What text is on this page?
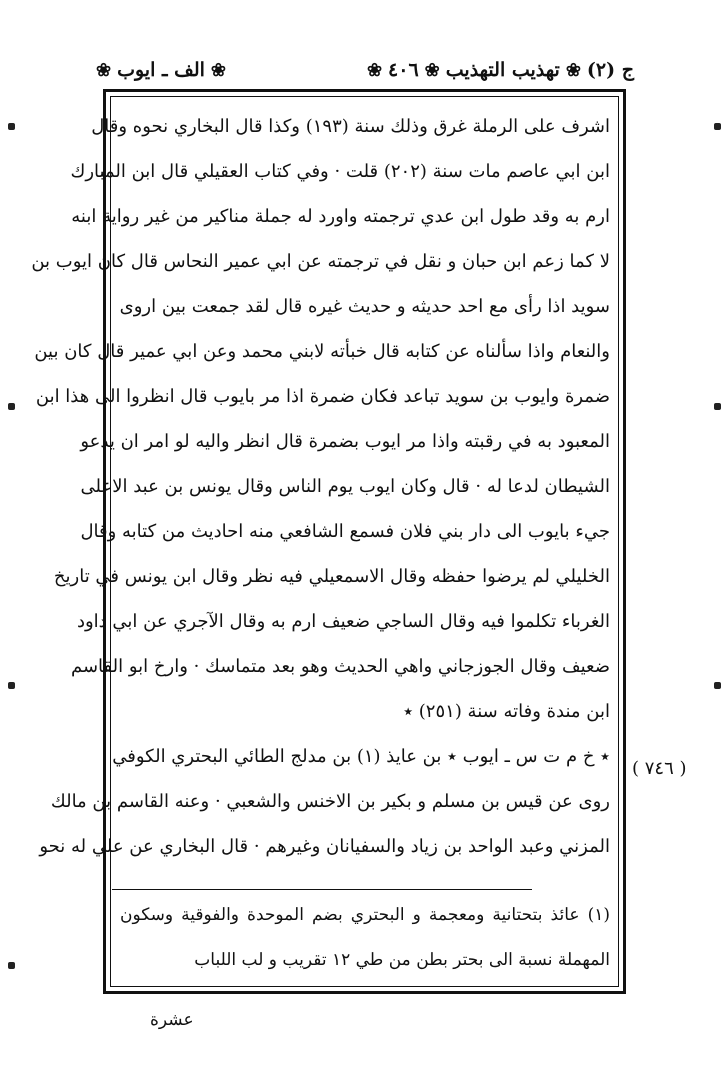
ج (٢)
❀
تهذيب التهذيب
❀
٤٠٦
❀
❀
الف ـ ايوب
❀
اشرف على الرملة غرق وذلك سنة (١٩٣) وكذا قال البخاري نحوه وقال
ابن ابي عاصم مات سنة (٢٠٢) قلت · وفي كتاب العقيلي قال ابن المبارك
ارم به وقد طول ابن عدي ترجمته واورد له جملة مناكير من غير رواية ابنه
لا كما زعم ابن حبان و نقل في ترجمته عن ابي عمير النحاس قال كان ايوب بن
سويد اذا رأى مع احد حديثه و حديث غيره قال لقد جمعت بين اروى
والنعام واذا سألناه عن كتابه قال خبأته لابني محمد وعن ابي عمير قال كان بين
ضمرة وايوب بن سويد تباعد فكان ضمرة اذا مر بايوب قال انظروا الى هذا ابن
المعبود به في رقبته واذا مر ايوب بضمرة قال انظر واليه لو امر ان يدعو
الشيطان لدعا له · قال وكان ايوب يوم الناس وقال يونس بن عبد الاعلى
جيء بايوب الى دار بني فلان فسمع الشافعي منه احاديث من كتابه وقال
الخليلي لم يرضوا حفظه وقال الاسمعيلي فيه نظر وقال ابن يونس في تاريخ
الغرباء تكلموا فيه وقال الساجي ضعيف ارم به وقال الآجري عن ابي داود
ضعيف وقال الجوزجاني واهي الحديث وهو بعد متماسك · وارخ ابو القاسم
ابن مندة وفاته سنة (٢٥١) ٭
٭ خ م ت س ـ ايوب ٭ بن عايذ (١) بن مدلج الطائي البحتري الكوفي
روى عن قيس بن مسلم و بكير بن الاخنس والشعبي · وعنه القاسم بن مالك
المزني وعبد الواحد بن زياد والسفيانان وغيرهم · قال البخاري عن علي له نحو
( ٧٤٦ )
(١) عائذ بتحتانية ومعجمة و البحتري بضم الموحدة والفوقية وسكون
المهملة نسبة الى بحتر بطن من طي ١٢ تقريب و لب اللباب
عشرة
